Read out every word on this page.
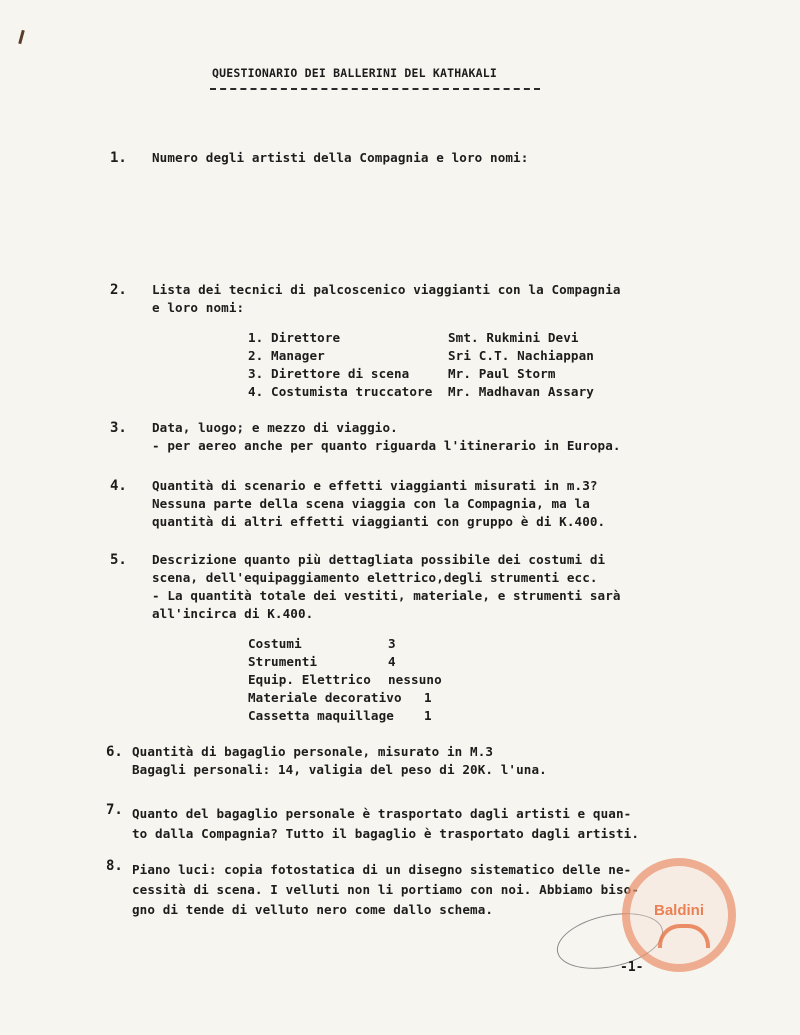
QUESTIONARIO DEI BALLERINI DEL KATHAKALI
1. Numero degli artisti della Compagnia e loro nomi:
2. Lista dei tecnici di palcoscenico viaggianti con la Compagnia
e loro nomi:
1. Direttore	Smt. Rukmini Devi
2. Manager	Sri C.T. Nachiappan
3. Direttore di scena	Mr. Paul Storm
4. Costumista truccatore Mr. Madhavan Assary
3. Data, luogo; e mezzo di viaggio.
- per aereo anche per quanto riguarda l'itinerario in Europa.
4. Quantità di scenario e effetti viaggianti misurati in m.3?
Nessuna parte della scena viaggia con la Compagnia, ma la
quantità di altri effetti viaggianti con gruppo è di K.400.
5. Descrizione quanto più dettagliata possibile dei costumi di
scena, dell'equipaggiamento elettrico,degli strumenti ecc.
- La quantità totale dei vestiti, materiale, e strumenti sarà
all'incirca di K.400.
Costumi	3
Strumenti	4
Equip. Elettrico nessuno
Materiale decorativo 1
Cassetta maquillage 1
6. Quantità di bagaglio personale, misurato in M.3
Bagagli personali: 14, valigia del peso di 20K. l'una.
7. Quanto del bagaglio personale è trasportato dagli artisti e quan-
to dalla Compagnia? Tutto il bagaglio è trasportato dagli artisti.
8. Piano luci: copia fotostatica di un disegno sistematico delle ne-
cessità di scena. I velluti non li portiamo con noi. Abbiamo biso-
gno di tende di velluto nero come dallo schema.	Baldini
-1-
